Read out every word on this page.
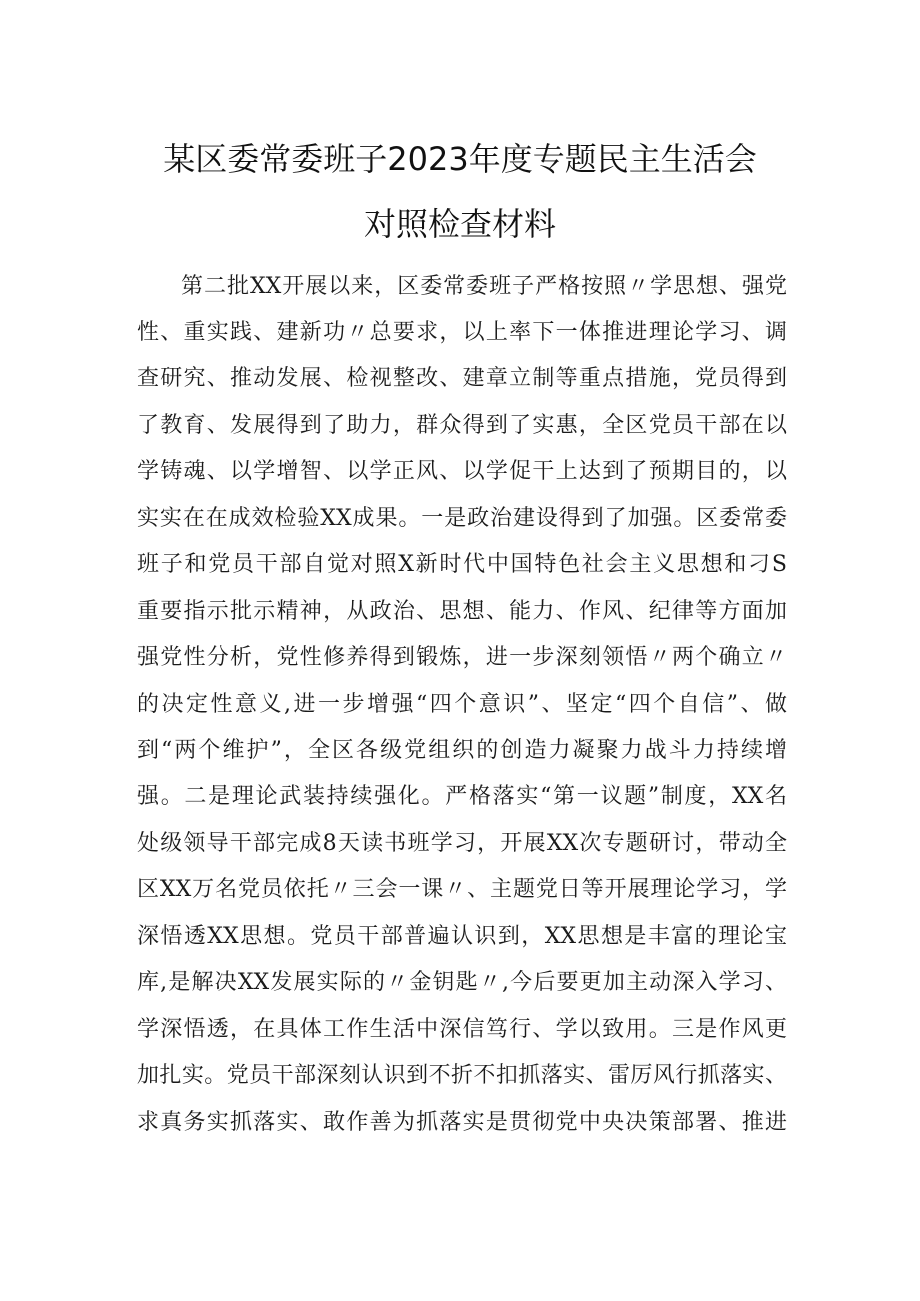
某区委常委班子2023年度专题民主生活会
对照检查材料
第二批XX开展以来，区委常委班子严格按照〃学思想、强党
性、重实践、建新功〃总要求，以上率下一体推进理论学习、调
查研究、推动发展、检视整改、建章立制等重点措施，党员得到
了教育、发展得到了助力，群众得到了实惠，全区党员干部在以
学铸魂、以学增智、以学正风、以学促干上达到了预期目的，以
实实在在成效检验XX成果。一是政治建设得到了加强。区委常委
班子和党员干部自觉对照X新时代中国特色社会主义思想和刁S
重要指示批示精神，从政治、思想、能力、作风、纪律等方面加
强党性分析，党性修养得到锻炼，进一步深刻领悟〃两个确立〃
的决定性意义,进一步增强“四个意识”、坚定“四个自信”、做
到“两个维护”，全区各级党组织的创造力凝聚力战斗力持续增
强。二是理论武装持续强化。严格落实“第一议题”制度，XX名
处级领导干部完成8天读书班学习，开展XX次专题研讨，带动全
区XX万名党员依托〃三会一课〃、主题党日等开展理论学习，学
深悟透XX思想。党员干部普遍认识到，XX思想是丰富的理论宝
库,是解决XX发展实际的〃金钥匙〃,今后要更加主动深入学习、
学深悟透，在具体工作生活中深信笃行、学以致用。三是作风更
加扎实。党员干部深刻认识到不折不扣抓落实、雷厉风行抓落实、
求真务实抓落实、敢作善为抓落实是贯彻党中央决策部署、推进
